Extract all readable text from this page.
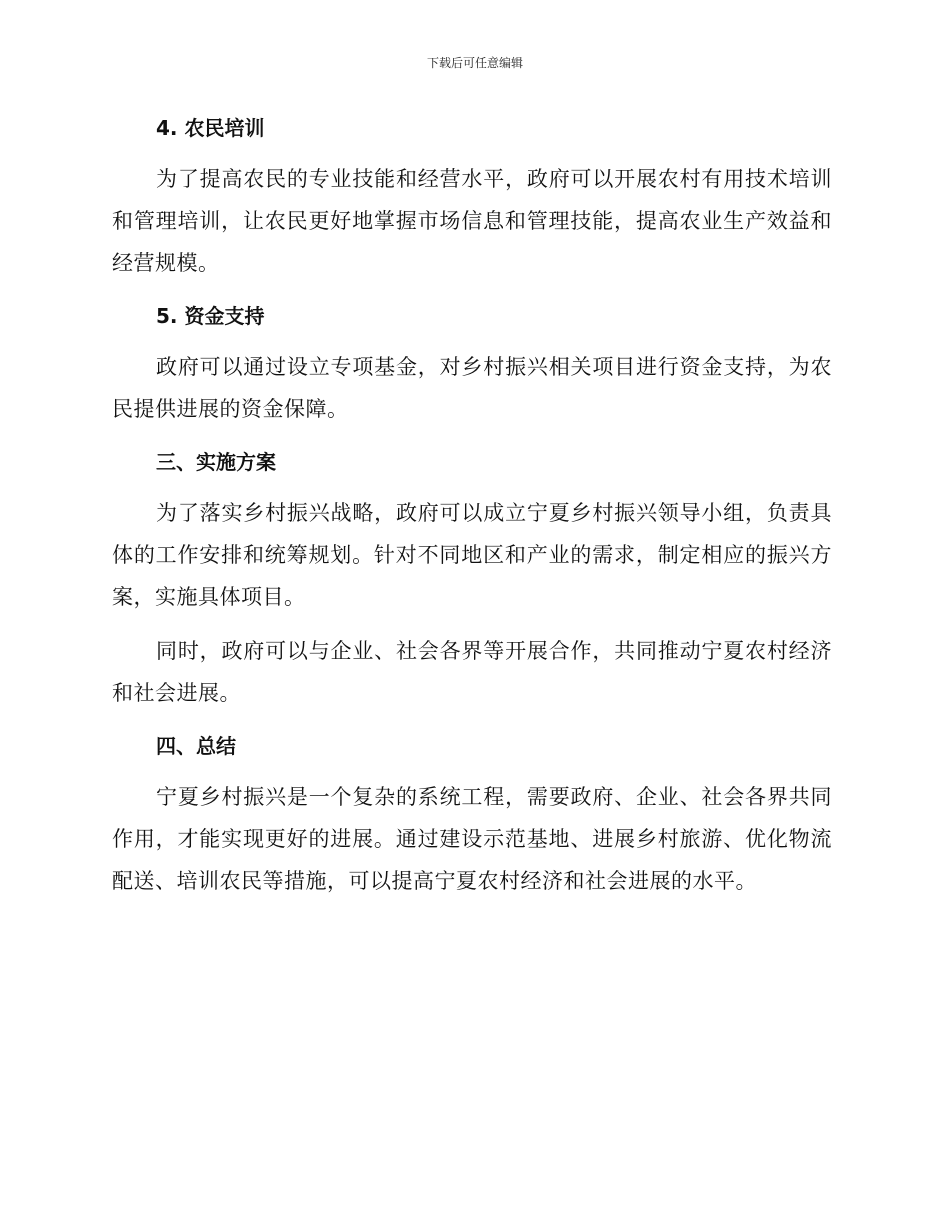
下载后可任意编辑
4. 农民培训

为了提高农民的专业技能和经营水平，政府可以开展农村有用技术培训和管理培训，让农民更好地掌握市场信息和管理技能，提高农业生产效益和经营规模。

5. 资金支持

政府可以通过设立专项基金，对乡村振兴相关项目进行资金支持，为农民提供进展的资金保障。

三、实施方案

为了落实乡村振兴战略，政府可以成立宁夏乡村振兴领导小组，负责具体的工作安排和统筹规划。针对不同地区和产业的需求，制定相应的振兴方案，实施具体项目。

同时，政府可以与企业、社会各界等开展合作，共同推动宁夏农村经济和社会进展。

四、总结

宁夏乡村振兴是一个复杂的系统工程，需要政府、企业、社会各界共同作用，才能实现更好的进展。通过建设示范基地、进展乡村旅游、优化物流配送、培训农民等措施，可以提高宁夏农村经济和社会进展的水平。
